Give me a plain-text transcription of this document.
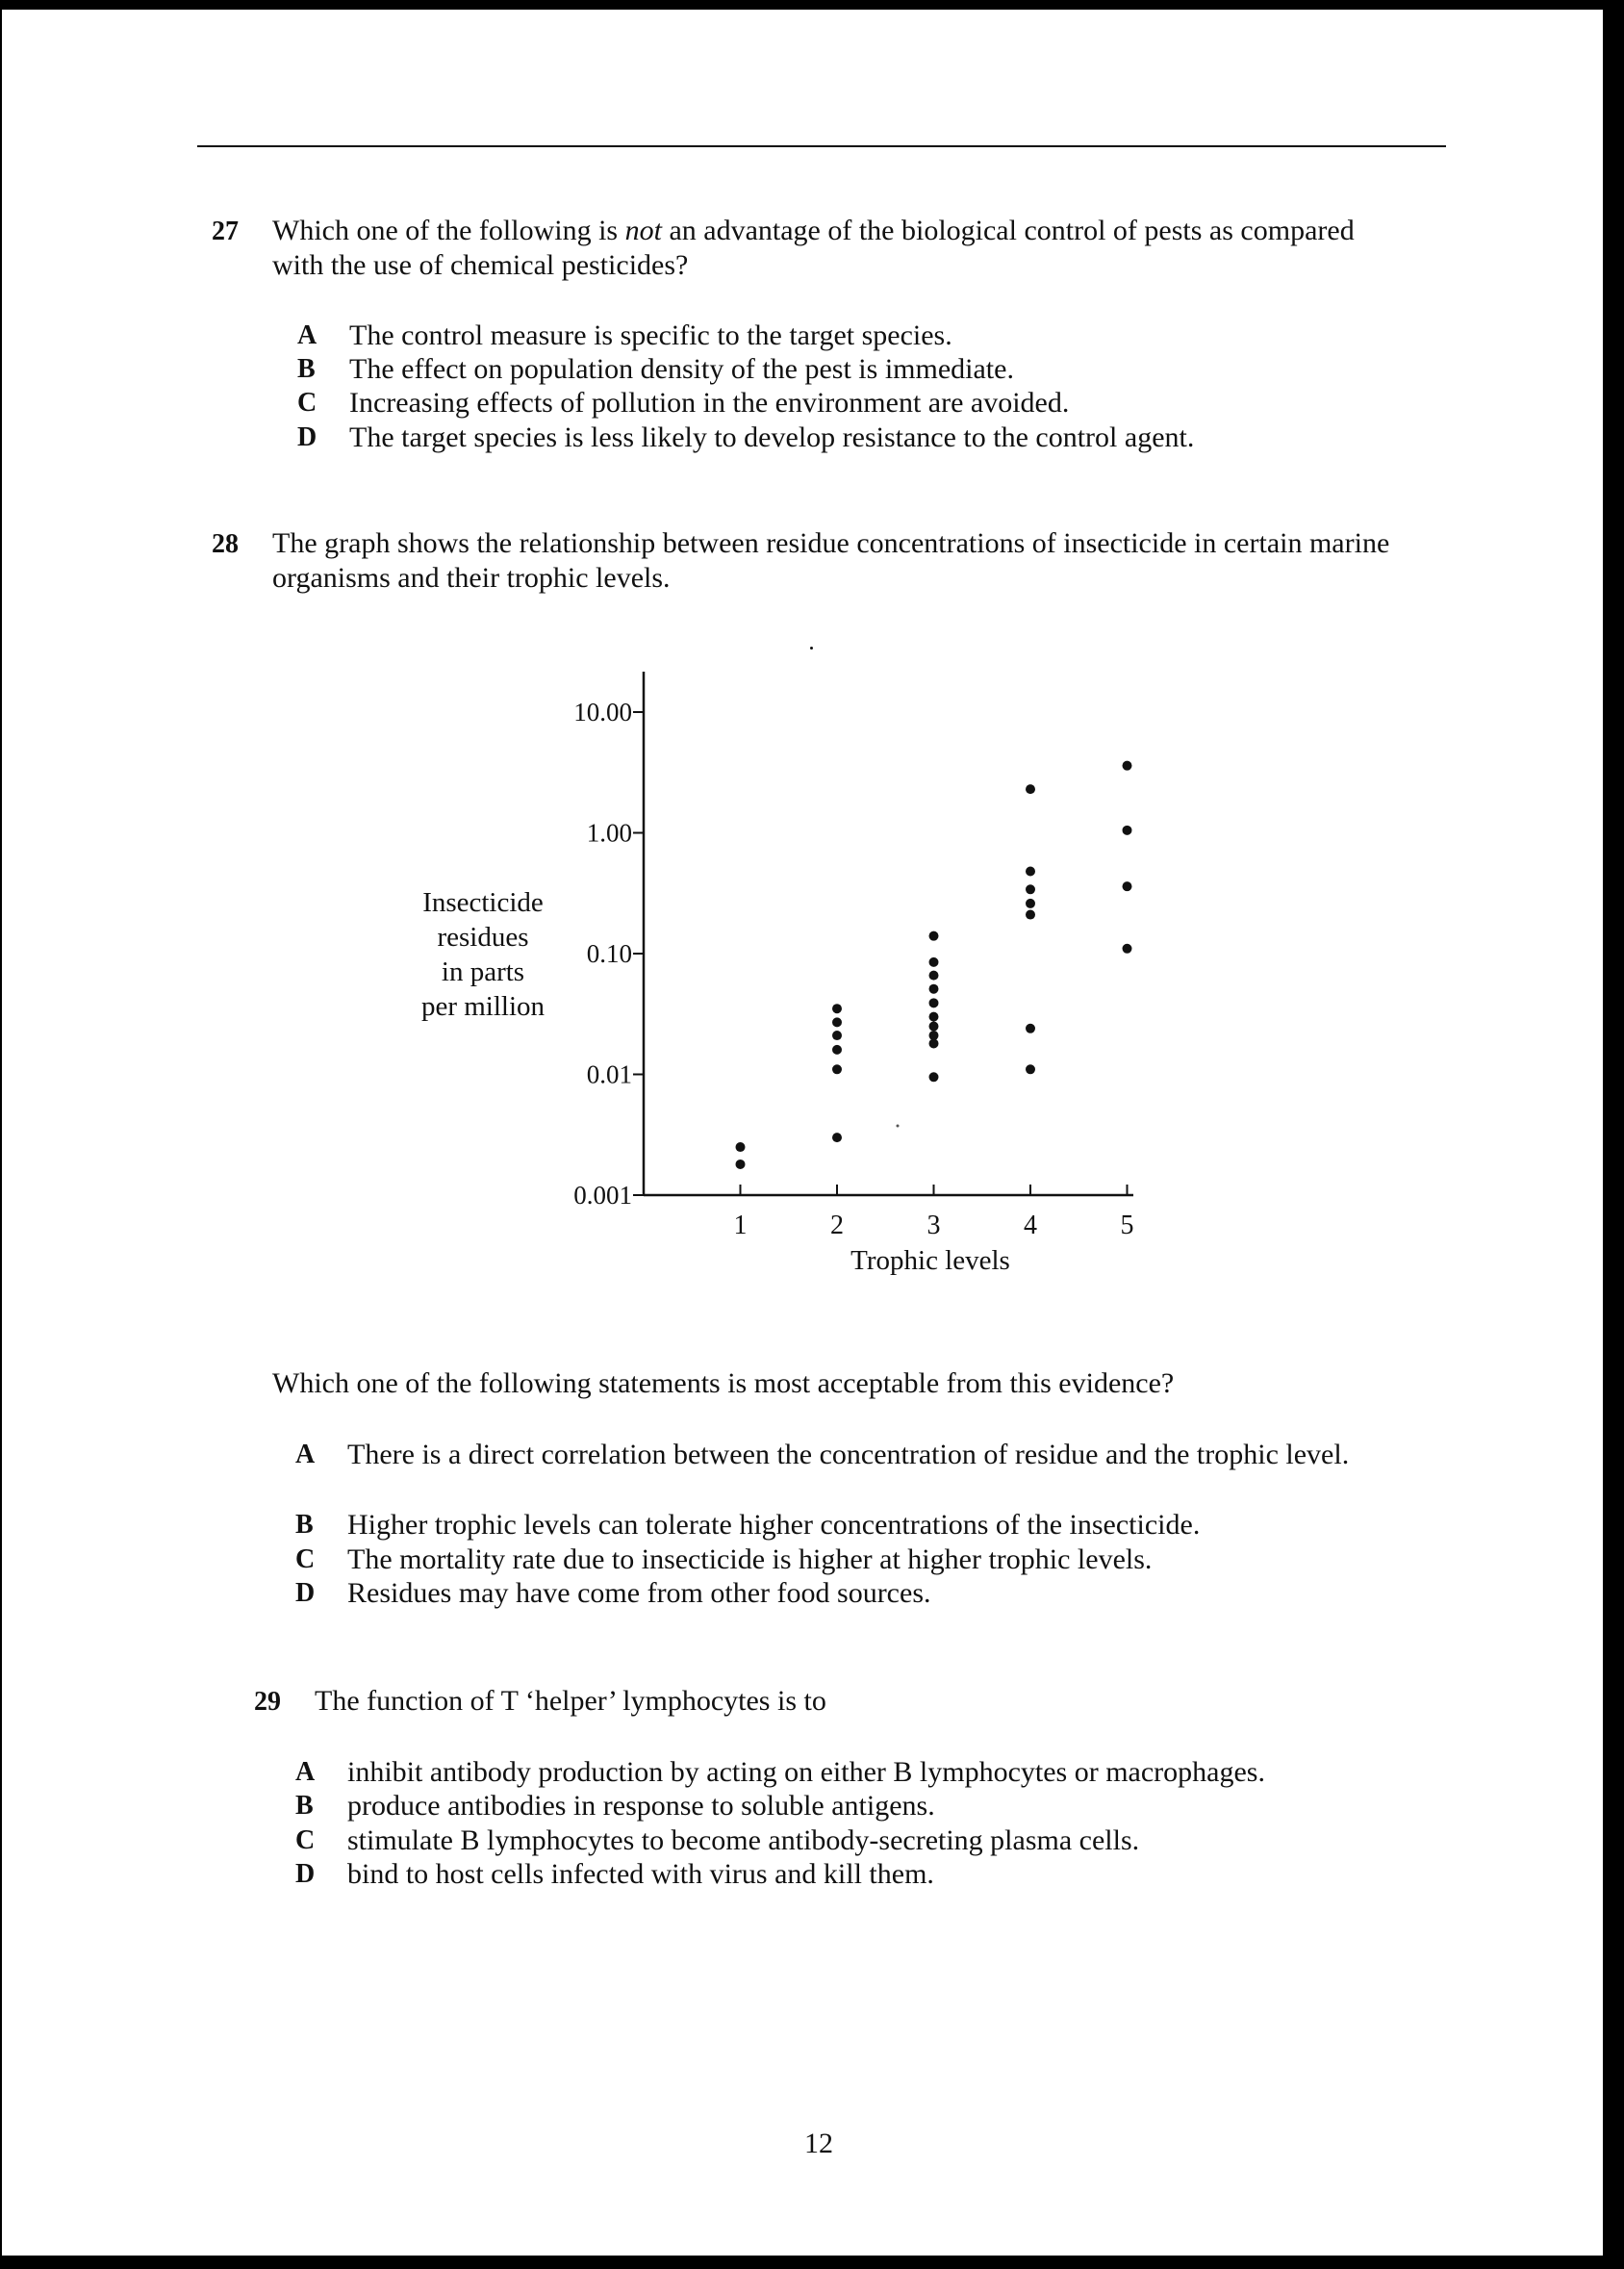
27 Which one of the following is not an advantage of the biological control of pests as compared with the use of chemical pesticides?
A The control measure is specific to the target species.
B The effect on population density of the pest is immediate.
C Increasing effects of pollution in the environment are avoided.
D The target species is less likely to develop resistance to the control agent.
28 The graph shows the relationship between residue concentrations of insecticide in certain marine organisms and their trophic levels.
0.001
0.01
0.10
1.00
10.00
1	2	3	4	5
Trophic levels
Insecticide
residues
in parts
per million
Which one of the following statements is most acceptable from this evidence?
A There is a direct correlation between the concentration of residue and the trophic level.
B Higher trophic levels can tolerate higher concentrations of the insecticide.
C The mortality rate due to insecticide is higher at higher trophic levels.
D Residues may have come from other food sources.
29 The function of T ‘helper’ lymphocytes is to
A inhibit antibody production by acting on either B lymphocytes or macrophages.
B produce antibodies in response to soluble antigens.
C stimulate B lymphocytes to become antibody-secreting plasma cells.
D bind to host cells infected with virus and kill them.
12
